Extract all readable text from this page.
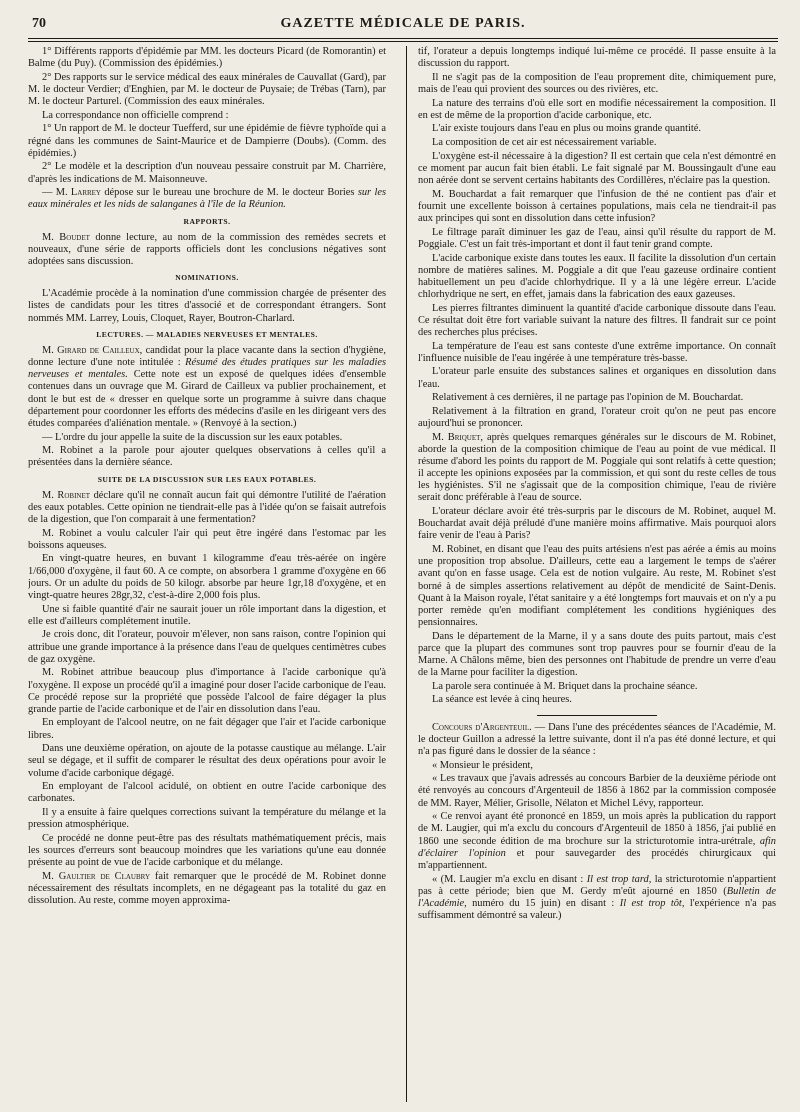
70	GAZETTE MÉDICALE DE PARIS.

1° Différents rapports d'épidémie par MM. les docteurs Picard (de Romorantin) et Balme (du Puy). (Commission des épidémies.)

2° Des rapports sur le service médical des eaux minérales de Cauvallat (Gard), par M. le docteur Verdier; d'Enghien, par M. le docteur de Puysaie; de Trébas (Tarn), par M. le docteur Parturel. (Commission des eaux minérales.

La correspondance non officielle comprend :

1° Un rapport de M. le docteur Tuefferd, sur une épidémie de fièvre typhoïde qui a régné dans les communes de Saint-Maurice et de Dampierre (Doubs). (Comm. des épidémies.)

2° Le modèle et la description d'un nouveau pessaire construit par M. Charrière, d'après les indications de M. Maisonneuve.

— M. Larrey dépose sur le bureau une brochure de M. le docteur Bories sur les eaux minérales et les nids de salanganes à l'île de la Réunion.

RAPPORTS.

M. Boudet donne lecture, au nom de la commission des remèdes secrets et nouveaux, d'une série de rapports officiels dont les conclusions négatives sont adoptées sans discussion.

NOMINATIONS.

L'Académie procède à la nomination d'une commission chargée de présenter des listes de candidats pour les titres d'associé et de correspondant étrangers. Sont nommés MM. Larrey, Louis, Cloquet, Rayer, Boutron-Charlard.

LECTURES. — MALADIES NERVEUSES ET MENTALES.

M. Girard de Cailleux, candidat pour la place vacante dans la section d'hygiène, donne lecture d'une note intitulée : Résumé des études pratiques sur les maladies nerveuses et mentales. Cette note est un exposé de quelques idées d'ensemble contenues dans un ouvrage que M. Girard de Cailleux va publier prochainement, et dont le but est de « dresser en quelque sorte un programme à suivre dans chaque département pour coordonner les efforts des médecins d'asile en les dirigeant vers des études comparées d'aliénation mentale. » (Renvoyé à la section.)

— L'ordre du jour appelle la suite de la discussion sur les eaux potables.

M. Robinet a la parole pour ajouter quelques observations à celles qu'il a présentées dans la dernière séance.

SUITE DE LA DISCUSSION SUR LES EAUX POTABLES.

M. Robinet déclare qu'il ne connaît aucun fait qui démontre l'utilité de l'aération des eaux potables. Cette opinion ne tiendrait-elle pas à l'idée qu'on se faisait autrefois de la digestion, que l'on comparait à une fermentation?

M. Robinet a voulu calculer l'air qui peut être ingéré dans l'estomac par les boissons aqueuses.

En vingt-quatre heures, en buvant 1 kilogramme d'eau très-aérée on ingère 1/66,000 d'oxygène, il faut 60. A ce compte, on absorbera 1 gramme d'oxygène en 66 jours. Or un adulte du poids de 50 kilogr. absorbe par heure 1gr,18 d'oxygène, et en vingt-quatre heures 28gr,32, c'est-à-dire 2,000 fois plus.

Une si faible quantité d'air ne saurait jouer un rôle important dans la digestion, et elle est d'ailleurs complétement inutile.

Je crois donc, dit l'orateur, pouvoir m'élever, non sans raison, contre l'opinion qui attribue une grande importance à la présence dans l'eau de quelques centimètres cubes de gaz oxygène.

M. Robinet attribue beaucoup plus d'importance à l'acide carbonique qu'à l'oxygène. Il expose un procédé qu'il a imaginé pour doser l'acide carbonique de l'eau. Ce procédé repose sur la propriété que possède l'alcool de faire dégager la plus grande partie de l'acide carbonique et de l'air en dissolution dans l'eau.

En employant de l'alcool neutre, on ne fait dégager que l'air et l'acide carbonique libres.

Dans une deuxième opération, on ajoute de la potasse caustique au mélange. L'air seul se dégage, et il suffit de comparer le résultat des deux opérations pour avoir le volume d'acide carbonique dégagé.

En employant de l'alcool acidulé, on obtient en outre l'acide carbonique des carbonates.

Il y a ensuite à faire quelques corrections suivant la température du mélange et la pression atmosphérique.

Ce procédé ne donne peut-être pas des résultats mathématiquement précis, mais les sources d'erreurs sont beaucoup moindres que les variations qu'une eau donnée présente au point de vue de l'acide carbonique et du mélange.

M. Gaultier de Claubry fait remarquer que le procédé de M. Robinet donne nécessairement des résultats incomplets, en ne dégageant pas la totalité du gaz en dissolution. Au reste, comme moyen approxima-

tif, l'orateur a depuis longtemps indiqué lui-même ce procédé. Il passe ensuite à la discussion du rapport.

Il ne s'agit pas de la composition de l'eau proprement dite, chimiquement pure, mais de l'eau qui provient des sources ou des rivières, etc.

La nature des terrains d'où elle sort en modifie nécessairement la composition. Il en est de même de la proportion d'acide carbonique, etc.

L'air existe toujours dans l'eau en plus ou moins grande quantité.

La composition de cet air est nécessairement variable.

L'oxygène est-il nécessaire à la digestion? Il est certain que cela n'est démontré en ce moment par aucun fait bien établi. Le fait signalé par M. Boussingault d'une eau non aérée dont se servent certains habitants des Cordillères, n'éclaire pas la question.

M. Bouchardat a fait remarquer que l'infusion de thé ne contient pas d'air et fournit une excellente boisson à certaines populations, mais cela ne tiendrait-il pas aux principes qui sont en dissolution dans cette infusion?

Le filtrage paraît diminuer les gaz de l'eau, ainsi qu'il résulte du rapport de M. Poggiale. C'est un fait très-important et dont il faut tenir grand compte.

L'acide carbonique existe dans toutes les eaux. Il facilite la dissolution d'un certain nombre de matières salines. M. Poggiale a dit que l'eau gazeuse ordinaire contient habituellement un peu d'acide chlorhydrique. Il y a là une légère erreur. L'acide chlorhydrique ne sert, en effet, jamais dans la fabrication des eaux gazeuses.

Les pierres filtrantes diminuent la quantité d'acide carbonique dissoute dans l'eau. Ce résultat doit être fort variable suivant la nature des filtres. Il fandrait sur ce point des recherches plus précises.

La température de l'eau est sans conteste d'une extrême importance. On connaît l'influence nuisible de l'eau ingérée à une température très-basse.

L'orateur parle ensuite des substances salines et organiques en dissolution dans l'eau.

Relativement à ces dernières, il ne partage pas l'opinion de M. Bouchardat.

Relativement à la filtration en grand, l'orateur croit qu'on ne peut pas encore aujourd'hui se prononcer.

M. Briquet, après quelques remarques générales sur le discours de M. Robinet, aborde la question de la composition chimique de l'eau au point de vue médical. Il résume d'abord les points du rapport de M. Poggiale qui sont relatifs à cette question; il accepte les opinions exposées par la commission, et qui sont du reste celles de tous les hygiénistes. S'il ne s'agissait que de la composition chimique, l'eau de rivière serait donc préférable à l'eau de source.

L'orateur déclare avoir été très-surpris par le discours de M. Robinet, auquel M. Bouchardat avait déjà préludé d'une manière moins affirmative. Mais pourquoi alors faire venir de l'eau à Paris?

M. Robinet, en disant que l'eau des puits artésiens n'est pas aérée a émis au moins une proposition trop absolue. D'ailleurs, cette eau a largement le temps de s'aérer avant qu'on en fasse usage. Cela est de notion vulgaire. Au reste, M. Robinet s'est borné à de simples assertions relativement au dépôt de mendicité de Saint-Denis. Quant à la Maison royale, l'état sanitaire y a été longtemps fort mauvais et on n'y a pu porter remède qu'en modifiant complétement les conditions hygiéniques des pensionnaires.

Dans le département de la Marne, il y a sans doute des puits partout, mais c'est parce que la plupart des communes sont trop pauvres pour se fournir d'eau de la Marne. A Châlons même, bien des personnes ont l'habitude de prendre un verre d'eau de la Marne pour faciliter la digestion.

La parole sera continuée à M. Briquet dans la prochaine séance.

La séance est levée à cinq heures.

Concours d'Argenteuil. — Dans l'une des précédentes séances de l'Académie, M. le docteur Guillon a adressé la lettre suivante, dont il n'a pas été donné lecture, et qui n'a pas figuré dans le dossier de la séance :

« Monsieur le président,

« Les travaux que j'avais adressés au concours Barbier de la deuxième période ont été renvoyés au concours d'Argenteuil de 1856 à 1862 par la commission composée de MM. Rayer, Mélier, Grisolle, Nélaton et Michel Lévy, rapporteur.

« Ce renvoi ayant été prononcé en 1859, un mois après la publication du rapport de M. Laugier, qui m'a exclu du concours d'Argenteuil de 1850 à 1856, j'ai publié en 1860 une seconde édition de ma brochure sur la stricturotomie intra-urétrale, afin d'éclairer l'opinion et pour sauvegarder des procédés chirurgicaux qui m'appartiennent.

« (M. Laugier m'a exclu en disant : Il est trop tard, la stricturotomie n'appartient pas à cette période; bien que M. Gerdy m'eût ajourné en 1850 (Bulletin de l'Académie, numéro du 15 juin) en disant : Il est trop tôt, l'expérience n'a pas suffisamment démontré sa valeur.)
